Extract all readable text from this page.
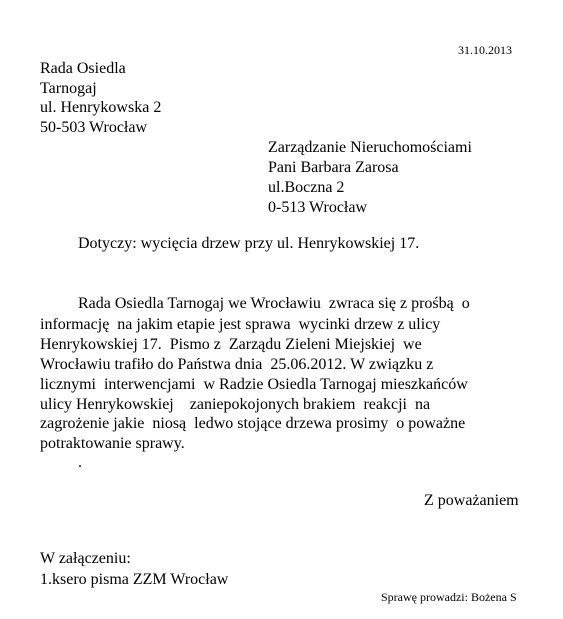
31.10.2013
Rada Osiedla
Tarnogaj
ul. Henrykowska 2
50-503 Wrocław
Zarządzanie Nieruchomościami
Pani Barbara Zarosa
ul.Boczna 2
0-513 Wrocław
Dotyczy: wycięcia drzew przy ul. Henrykowskiej 17.
Rada Osiedla Tarnogaj we Wrocławiu  zwraca się z prośbą  o
informację  na jakim etapie jest sprawa  wycinki drzew z ulicy
Henrykowskiej 17.  Pismo z  Zarządu Zieleni Miejskiej  we
Wrocławiu trafiło do Państwa dnia  25.06.2012. W związku z
licznymi  interwencjami  w Radzie Osiedla Tarnogaj mieszkańców
ulicy Henrykowskiej    zaniepokojonych brakiem  reakcji  na
zagrożenie jakie  niosą  ledwo stojące drzewa prosimy  o poważne
potraktowanie sprawy.
.
Z poważaniem
W załączeniu:
1.ksero pisma ZZM Wrocław
Sprawę prowadzi: Bożena S
